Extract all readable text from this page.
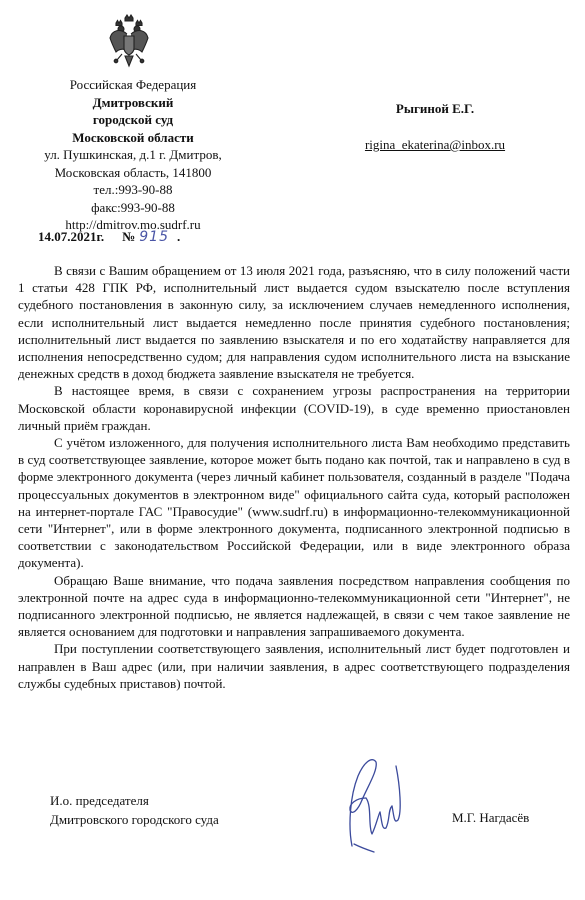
Российская Федерация
Дмитровский
городской суд
Московской области
ул. Пушкинская, д.1 г. Дмитров,
Московская область, 141800
тел.:993-90-88
факс:993-90-88
http://dmitrov.mo.sudrf.ru
14.07.2021г. № 915 .
Рыгиной Е.Г.
rigina_ekaterina@inbox.ru

В связи с Вашим обращением от 13 июля 2021 года, разъясняю, что в силу положений части 1 статьи 428 ГПК РФ, исполнительный лист выдается судом взыскателю после вступления судебного постановления в законную силу, за исключением случаев немедленного исполнения, если исполнительный лист выдается немедленно после принятия судебного постановления; исполнительный лист выдается по заявлению взыскателя и по его ходатайству направляется для исполнения непосредственно судом; для направления судом исполнительного листа на взыскание денежных средств в доход бюджета заявление взыскателя не требуется.

В настоящее время, в связи с сохранением угрозы распространения на территории Московской области коронавирусной инфекции (COVID-19), в суде временно приостановлен личный приём граждан.

С учётом изложенного, для получения исполнительного листа Вам необходимо представить в суд соответствующее заявление, которое может быть подано как почтой, так и направлено в суд в форме электронного документа (через личный кабинет пользователя, созданный в разделе "Подача процессуальных документов в электронном виде" официального сайта суда, который расположен на интернет-портале ГАС "Правосудие" (www.sudrf.ru) в информационно-телекоммуникационной сети "Интернет", или в форме электронного документа, подписанного электронной подписью в соответствии с законодательством Российской Федерации, или в виде электронного образа документа).

Обращаю Ваше внимание, что подача заявления посредством направления сообщения по электронной почте на адрес суда в информационно-телекоммуникационной сети "Интернет", не подписанного электронной подписью, не является надлежащей, в связи с чем такое заявление не является основанием для подготовки и направления запрашиваемого документа.

При поступлении соответствующего заявления, исполнительный лист будет подготовлен и направлен в Ваш адрес (или, при наличии заявления, в адрес соответствующего подразделения службы судебных приставов) почтой.

И.о. председателя
Дмитровского городского суда	М.Г. Нагдасёв
